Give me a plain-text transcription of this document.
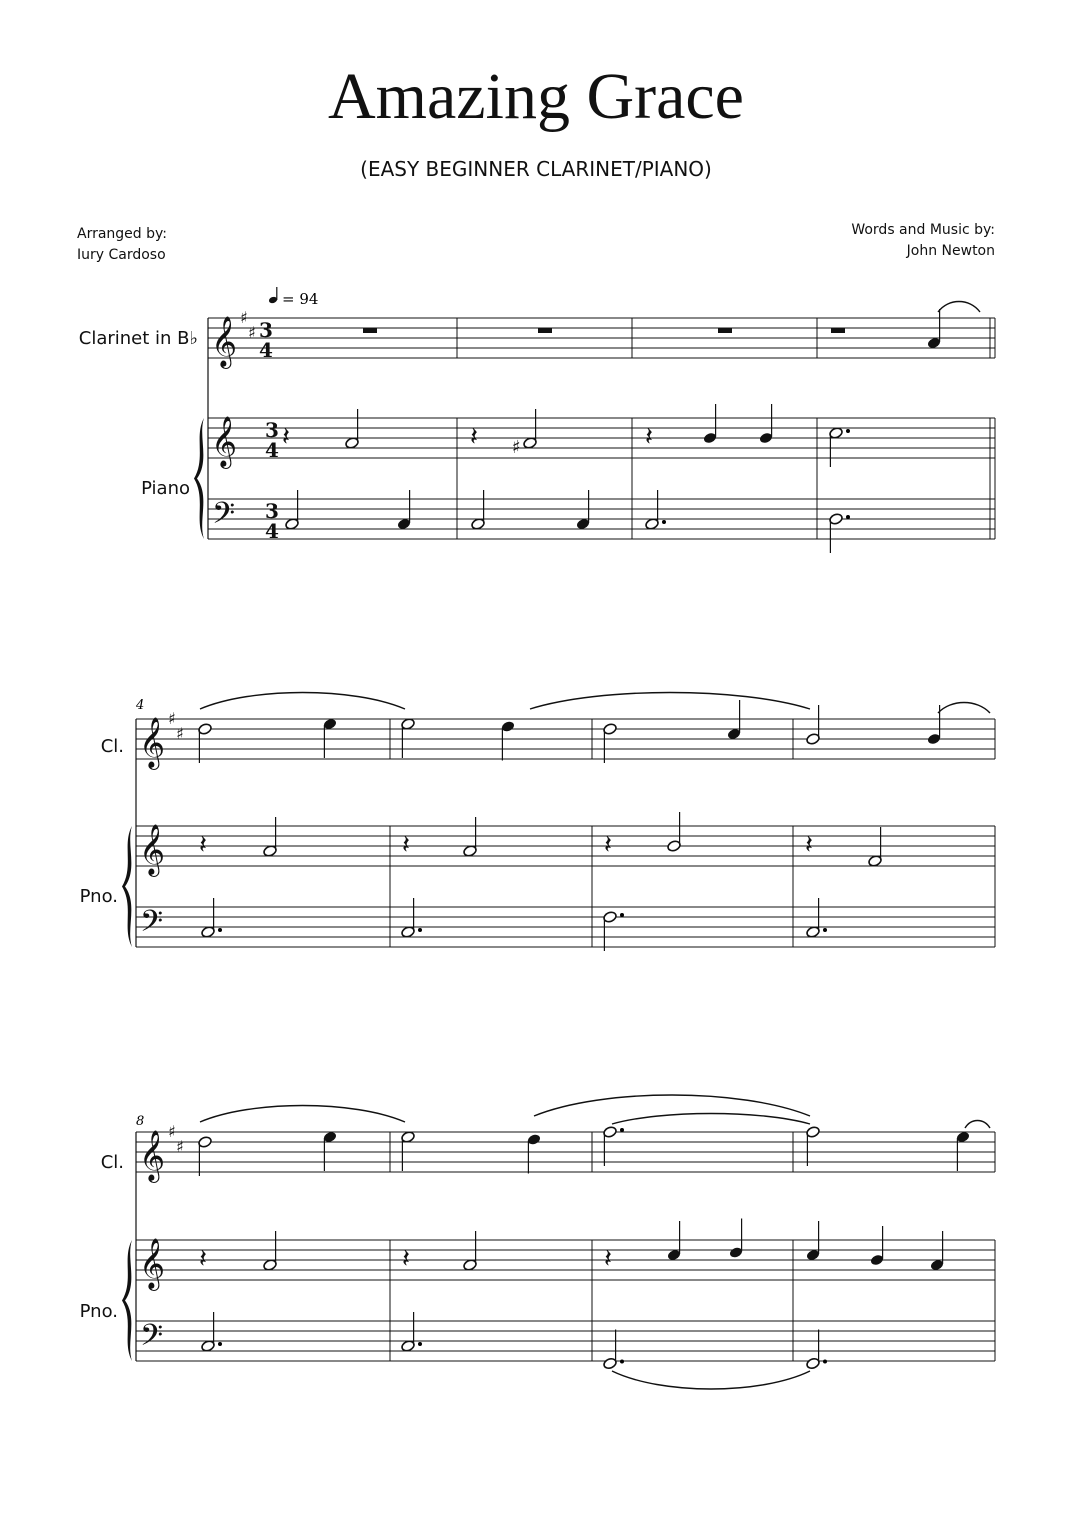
Amazing Grace
(EASY BEGINNER CLARINET/PIANO)
Arranged by:
Iury Cardoso
Words and Music by:
John Newton
Clarinet in B♭
Piano
Cl.
Pno.
Cl.
Pno.
= 94
4
8
𝄞
𝄞
𝄢
♯
♯ 3
4
3
4
3
4
𝄞
𝄞
𝄢
♯
♯
𝄞
𝄞
𝄢
♯
♯
𝄽	𝄽 ♯	𝄽
𝄽	𝄽	𝄽	𝄽
𝄽	𝄽	𝄽
